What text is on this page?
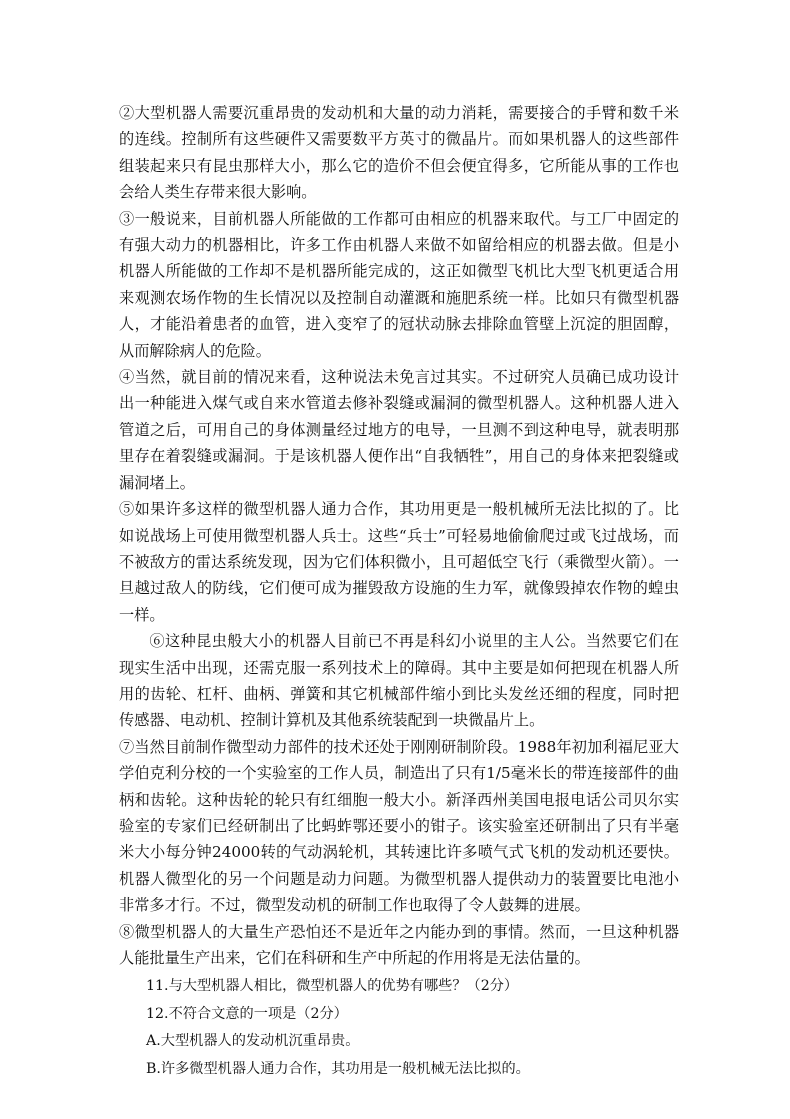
②大型机器人需要沉重昂贵的发动机和大量的动力消耗，需要接合的手臂和数千米的连线。控制所有这些硬件又需要数平方英寸的微晶片。而如果机器人的这些部件组装起来只有昆虫那样大小，那么它的造价不但会便宜得多，它所能从事的工作也会给人类生存带来很大影响。

③一般说来，目前机器人所能做的工作都可由相应的机器来取代。与工厂中固定的有强大动力的机器相比，许多工作由机器人来做不如留给相应的机器去做。但是小机器人所能做的工作却不是机器所能完成的，这正如微型飞机比大型飞机更适合用来观测农场作物的生长情况以及控制自动灌溉和施肥系统一样。比如只有微型机器人，才能沿着患者的血管，进入变窄了的冠状动脉去排除血管壁上沉淀的胆固醇，从而解除病人的危险。

④当然，就目前的情况来看，这种说法未免言过其实。不过研究人员确已成功设计出一种能进入煤气或自来水管道去修补裂缝或漏洞的微型机器人。这种机器人进入管道之后，可用自己的身体测量经过地方的电导，一旦测不到这种电导，就表明那里存在着裂缝或漏洞。于是该机器人便作出“自我牺牲”，用自己的身体来把裂缝或漏洞堵上。

⑤如果许多这样的微型机器人通力合作，其功用更是一般机械所无法比拟的了。比如说战场上可使用微型机器人兵士。这些“兵士”可轻易地偷偷爬过或飞过战场，而不被敌方的雷达系统发现，因为它们体积微小，且可超低空飞行（乘微型火箭）。一旦越过敌人的防线，它们便可成为摧毁敌方设施的生力军，就像毁掉农作物的蝗虫一样。

⑥这种昆虫般大小的机器人目前已不再是科幻小说里的主人公。当然要它们在现实生活中出现，还需克服一系列技术上的障碍。其中主要是如何把现在机器人所用的齿轮、杠杆、曲柄、弹簧和其它机械部件缩小到比头发丝还细的程度，同时把传感器、电动机、控制计算机及其他系统装配到一块微晶片上。

⑦当然目前制作微型动力部件的技术还处于刚刚研制阶段。1988年初加利福尼亚大学伯克利分校的一个实验室的工作人员，制造出了只有1/5毫米长的带连接部件的曲柄和齿轮。这种齿轮的轮只有红细胞一般大小。新泽西州美国电报电话公司贝尔实验室的专家们已经研制出了比蚂蚱鄂还要小的钳子。该实验室还研制出了只有半毫米大小每分钟24000转的气动涡轮机，其转速比许多喷气式飞机的发动机还要快。机器人微型化的另一个问题是动力问题。为微型机器人提供动力的装置要比电池小非常多才行。不过，微型发动机的研制工作也取得了令人鼓舞的进展。

⑧微型机器人的大量生产恐怕还不是近年之内能办到的事情。然而，一旦这种机器人能批量生产出来，它们在科研和生产中所起的作用将是无法估量的。

11.与大型机器人相比，微型机器人的优势有哪些？（2分）

12.不符合文意的一项是（2分）

A.大型机器人的发动机沉重昂贵。

B.许多微型机器人通力合作，其功用是一般机械无法比拟的。
